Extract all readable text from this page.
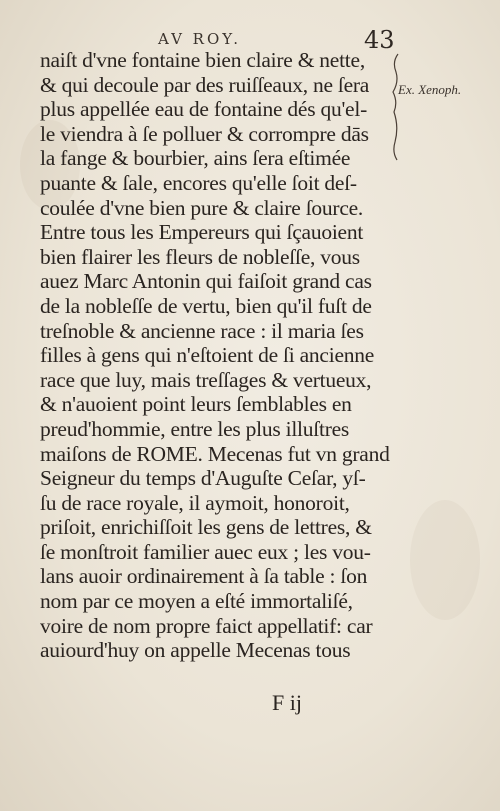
AV ROY.	43
Ex. Xenoph.
naiſt d'vne fontaine bien claire & nette,
& qui decoule par des ruiſſeaux, ne ſera
plus appellée eau de fontaine dés qu'el-
le viendra à ſe polluer & corrompre dās
la fange & bourbier, ains ſera eſtimée
puante & ſale, encores qu'elle ſoit deſ-
coulée d'vne bien pure & claire ſource.
Entre tous les Empereurs qui ſçauoient
bien flairer les fleurs de nobleſſe, vous
auez Marc Antonin qui faiſoit grand cas
de la nobleſſe de vertu, bien qu'il fuſt de
treſnoble & ancienne race : il maria ſes
filles à gens qui n'eſtoient de ſi ancienne
race que luy, mais treſſages & vertueux,
& n'auoient point leurs ſemblables en
preud'hommie, entre les plus illuſtres
maiſons de ROME. Mecenas fut vn grand
Seigneur du temps d'Auguſte Ceſar, yſ-
ſu de race royale, il aymoit, honoroit,
priſoit, enrichiſſoit les gens de lettres, &
ſe monſtroit familier auec eux ; les vou-
lans auoir ordinairement à ſa table : ſon
nom par ce moyen a eſté immortaliſé,
voire de nom propre faict appellatif: car
auiourd'huy on appelle Mecenas tous
F ij
